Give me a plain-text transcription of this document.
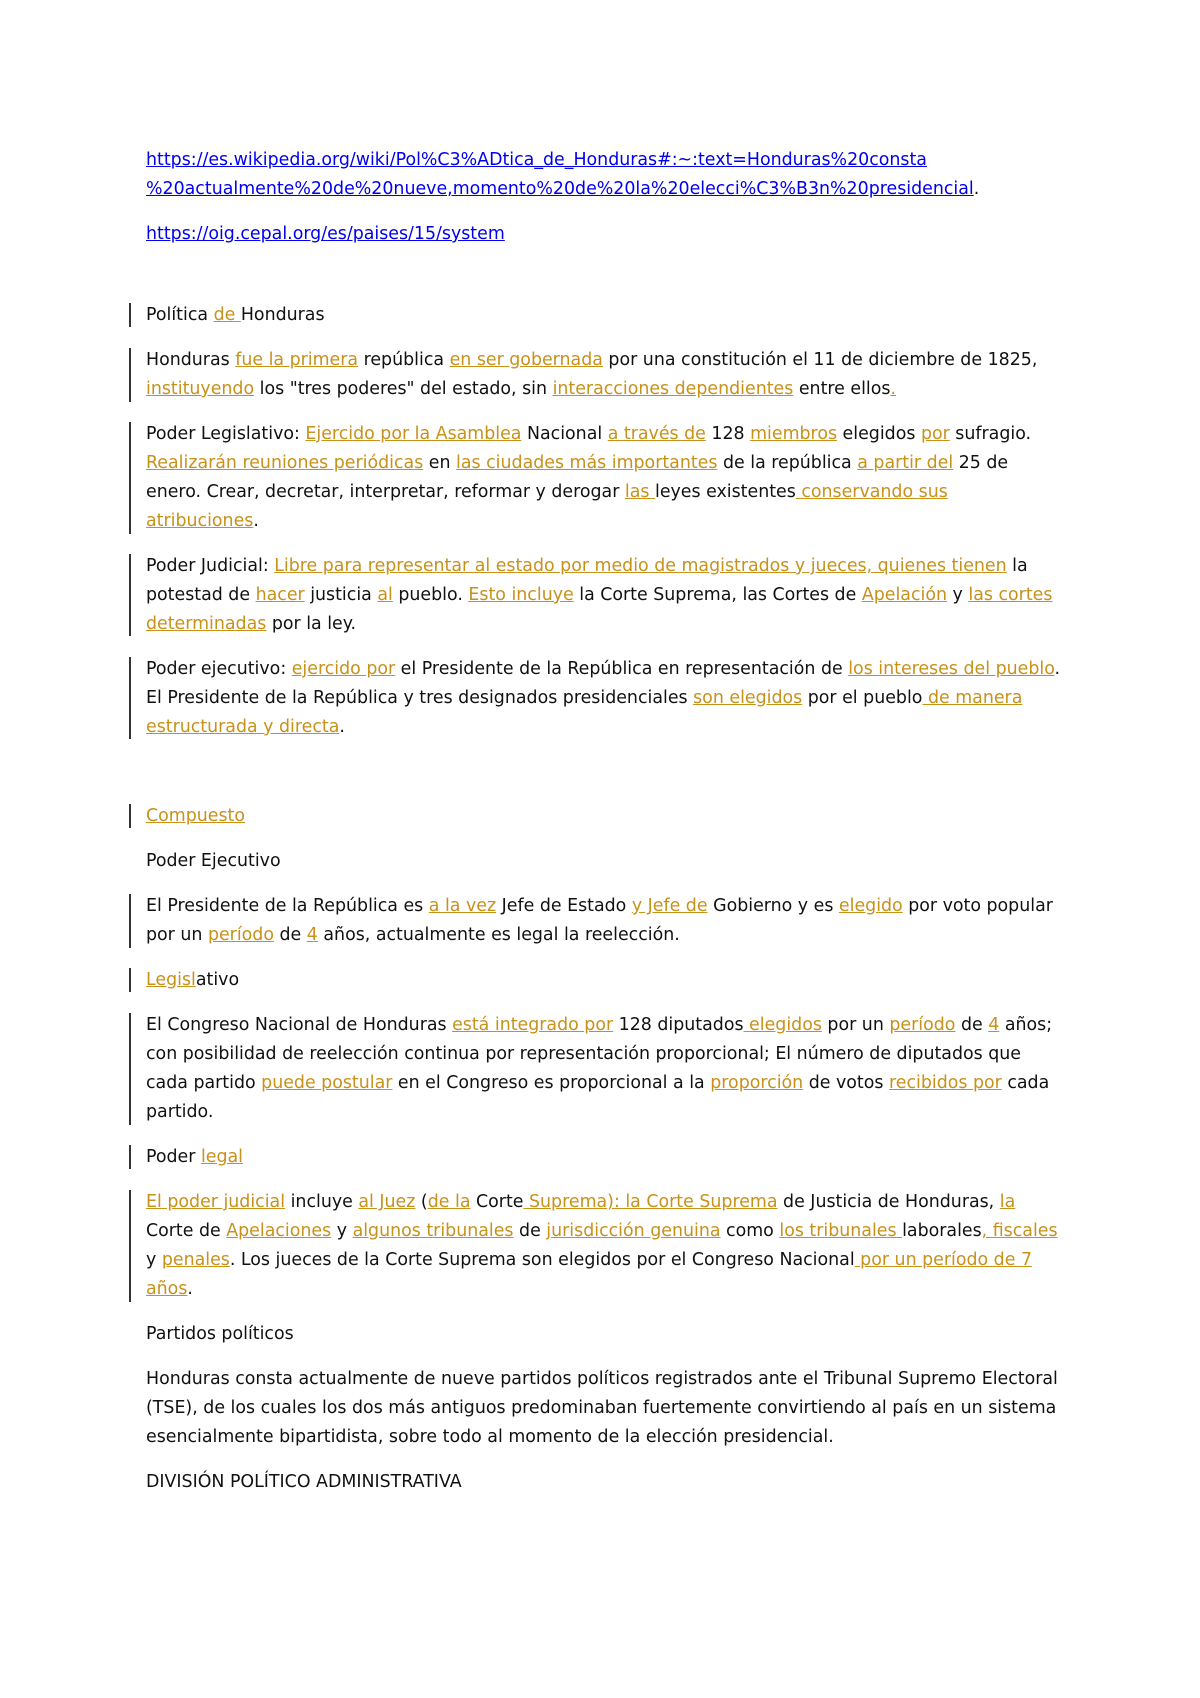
https://es.wikipedia.org/wiki/Pol%C3%ADtica_de_Honduras#:~:text=Honduras%20consta
%20actualmente%20de%20nueve,momento%20de%20la%20elecci%C3%B3n%20presidencial.

https://oig.cepal.org/es/paises/15/system

Política de Honduras

Honduras fue la primera república en ser gobernada por una constitución el 11 de diciembre de 1825, instituyendo los "tres poderes" del estado, sin interacciones dependientes entre ellos.

Poder Legislativo: Ejercido por la Asamblea Nacional a través de 128 miembros elegidos por sufragio. Realizarán reuniones periódicas en las ciudades más importantes de la república a partir del 25 de enero. Crear, decretar, interpretar, reformar y derogar las leyes existentes conservando sus atribuciones.

Poder Judicial: Libre para representar al estado por medio de magistrados y jueces, quienes tienen la potestad de hacer justicia al pueblo. Esto incluye la Corte Suprema, las Cortes de Apelación y las cortes determinadas por la ley.

Poder ejecutivo: ejercido por el Presidente de la República en representación de los intereses del pueblo. El Presidente de la República y tres designados presidenciales son elegidos por el pueblo de manera estructurada y directa.

Compuesto

Poder Ejecutivo

El Presidente de la República es a la vez Jefe de Estado y Jefe de Gobierno y es elegido por voto popular por un período de 4 años, actualmente es legal la reelección.

Legislativo

El Congreso Nacional de Honduras está integrado por 128 diputados elegidos por un período de 4 años; con posibilidad de reelección continua por representación proporcional; El número de diputados que cada partido puede postular en el Congreso es proporcional a la proporción de votos recibidos por cada partido.

Poder legal

El poder judicial incluye al Juez (de la Corte Suprema): la Corte Suprema de Justicia de Honduras, la Corte de Apelaciones y algunos tribunales de jurisdicción genuina como los tribunales laborales, fiscales y penales. Los jueces de la Corte Suprema son elegidos por el Congreso Nacional por un período de 7 años.

Partidos políticos

Honduras consta actualmente de nueve partidos políticos registrados ante el Tribunal Supremo Electoral (TSE), de los cuales los dos más antiguos predominaban fuertemente convirtiendo al país en un sistema esencialmente bipartidista, sobre todo al momento de la elección presidencial.

DIVISIÓN POLÍTICO ADMINISTRATIVA
